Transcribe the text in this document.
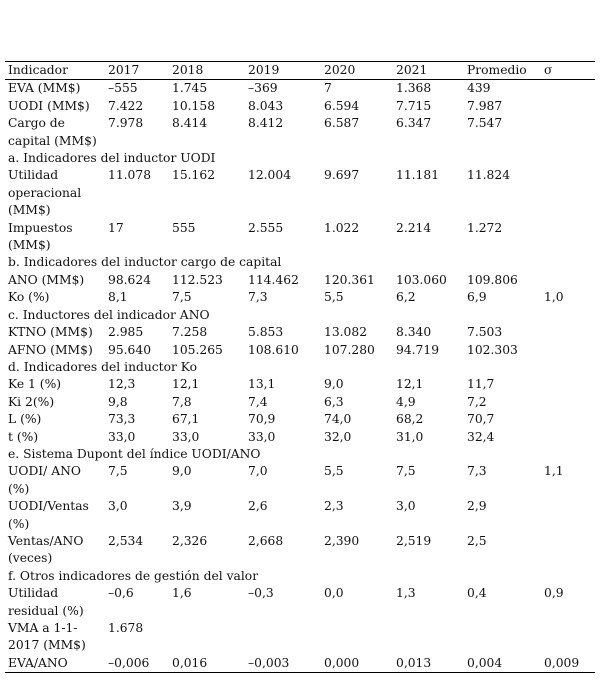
Indicador	2017	2018	2019	2020	2021	Promedio	σ
EVA (MM$)	–555	1.745	–369	7	1.368	439	
UODI (MM$)	7.422	10.158	8.043	6.594	7.715	7.987	
Cargo de capital (MM$)	7.978	8.414	8.412	6.587	6.347	7.547	
a. Indicadores del inductor UODI							
Utilidad operacional (MM$)	11.078	15.162	12.004	9.697	11.181	11.824	
Impuestos (MM$)	17	555	2.555	1.022	2.214	1.272	
b. Indicadores del inductor cargo de capital							
ANO (MM$)	98.624	112.523	114.462	120.361	103.060	109.806	
Ko (%)	8,1	7,5	7,3	5,5	6,2	6,9	1,0
c. Inductores del indicador ANO							
KTNO (MM$)	2.985	7.258	5.853	13.082	8.340	7.503	
AFNO (MM$)	95.640	105.265	108.610	107.280	94.719	102.303	
d. Indicadores del inductor Ko							
Ke 1 (%)	12,3	12,1	13,1	9,0	12,1	11,7	
Ki 2(%)	9,8	7,8	7,4	6,3	4,9	7,2	
L (%)	73,3	67,1	70,9	74,0	68,2	70,7	
t (%)	33,0	33,0	33,0	32,0	31,0	32,4	
e. Sistema Dupont del índice UODI/ANO							
UODI/ ANO (%)	7,5	9,0	7,0	5,5	7,5	7,3	1,1
UODI/Ventas (%)	3,0	3,9	2,6	2,3	3,0	2,9	
Ventas/ANO (veces)	2,534	2,326	2,668	2,390	2,519	2,5	
f. Otros indicadores de gestión del valor							
Utilidad residual (%)	–0,6	1,6	–0,3	0,0	1,3	0,4	0,9
VMA a 1-1-2017 (MM$)	1.678						
EVA/ANO	–0,006	0,016	–0,003	0,000	0,013	0,004	0,009
